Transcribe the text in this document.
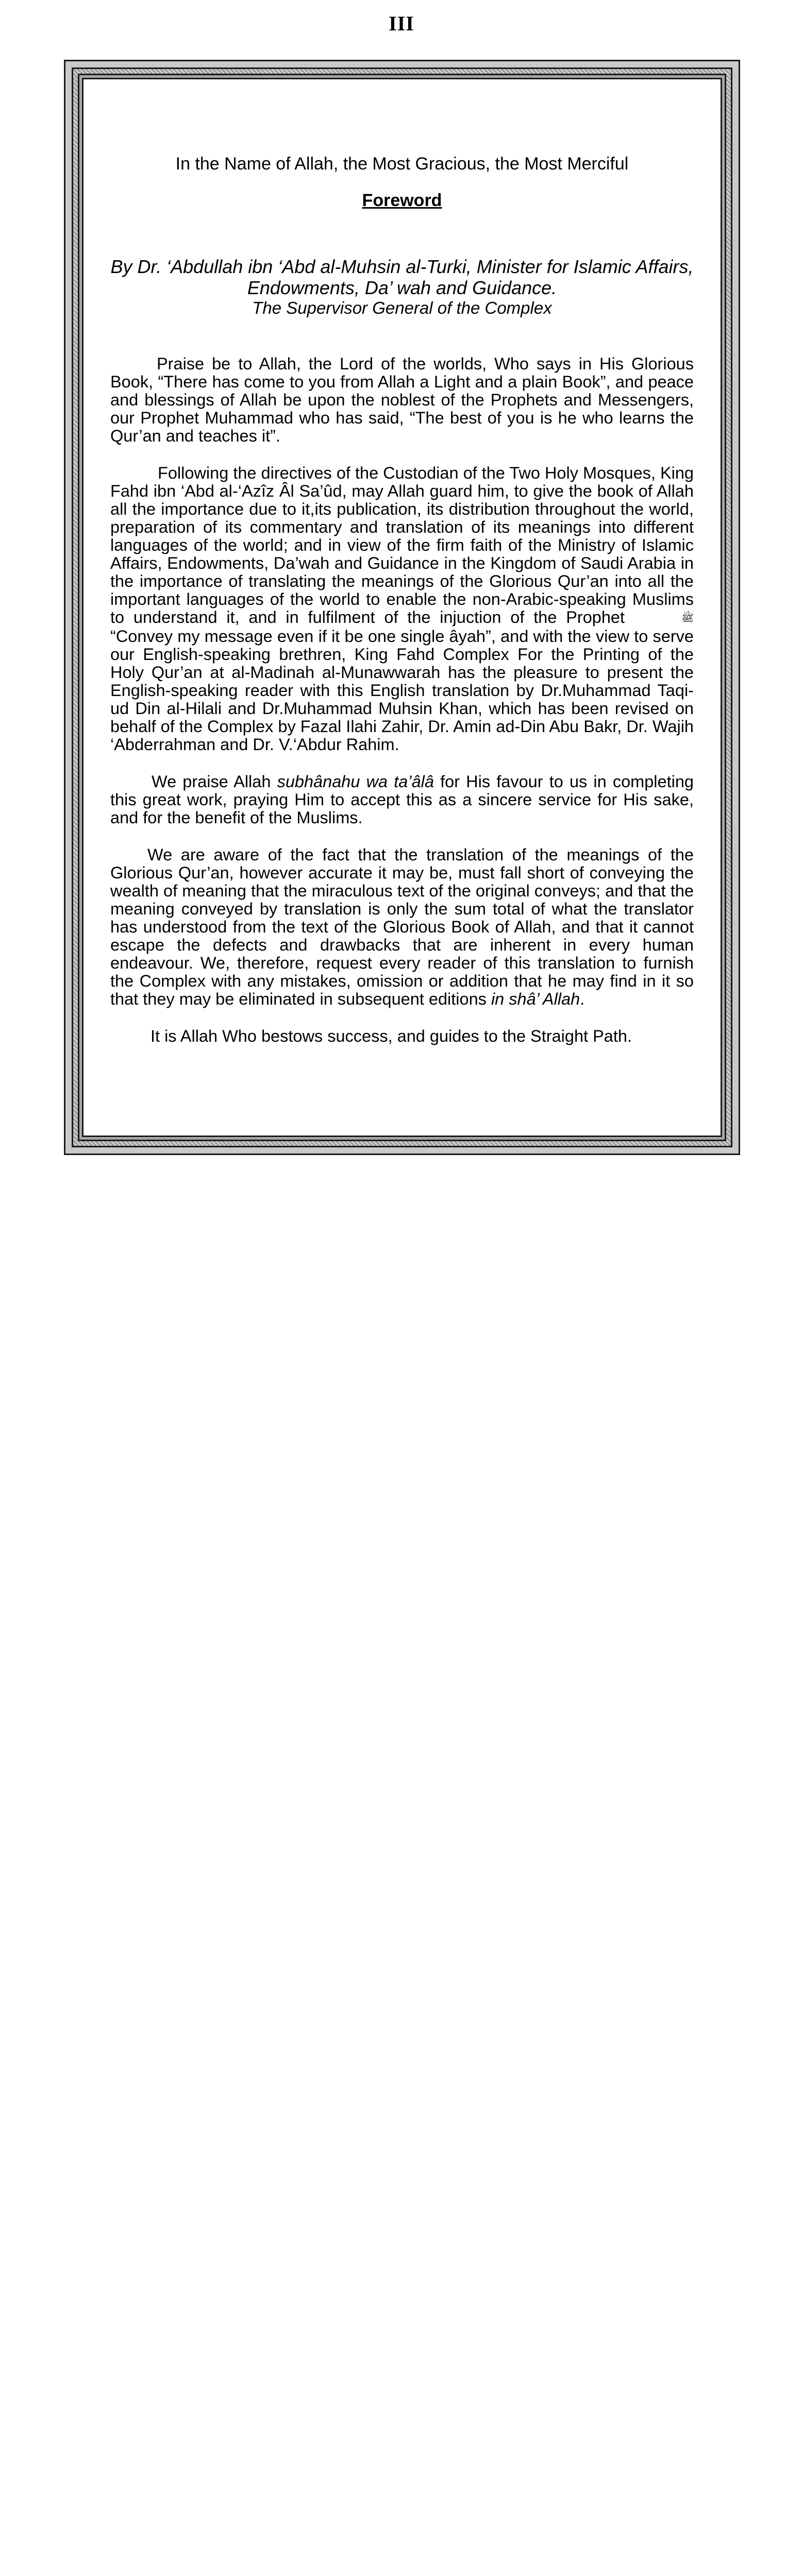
III
In the Name of Allah, the Most Gracious, the Most Merciful
Foreword
By Dr. ‘Abdullah ibn ‘Abd al-Muhsin al-Turki, Minister for Islamic Affairs,
Endowments, Da’ wah and Guidance.
The Supervisor General of the Complex

Praise be to Allah, the Lord of the worlds, Who says in His Glorious Book, “There has come to you from Allah a Light and a plain Book”, and peace and blessings of Allah be upon the noblest of the Prophets and Messengers, our Prophet Muhammad who has said, “The best of you is he who learns the Qur’an and teaches it”.

Following the directives of the Custodian of the Two Holy Mosques, King Fahd ibn ‘Abd al-‘Azîz Âl Sa’ûd, may Allah guard him, to give the book of Allah all the importance due to it,its publication, its distribution throughout the world, preparation of its commentary and translation of its meanings into different languages of the world; and in view of the firm faith of the Ministry of Islamic Affairs, Endowments, Da’wah and Guidance in the Kingdom of Saudi Arabia in the importance of translating the meanings of the Glorious Qur’an into all the important languages of the world to enable the non-Arabic-speaking Muslims to understand it, and in fulfilment of the injuction of the Prophet	ﷺ “Convey my message even if it be one single âyah”, and with the view to serve our English-speaking brethren, King Fahd Complex For the Printing of the Holy Qur’an at al-Madinah al-Munawwarah has the pleasure to present the English-speaking reader with this English translation by Dr.Muhammad Taqi-ud Din al-Hilali and Dr.Muhammad Muhsin Khan, which has been revised on behalf of the Complex by Fazal Ilahi Zahir, Dr. Amin ad-Din Abu Bakr, Dr. Wajih ‘Abderrahman and Dr. V.‘Abdur Rahim.

We praise Allah subhânahu wa ta’âlâ for His favour to us in completing this great work, praying Him to accept this as a sincere service for His sake, and for the benefit of the Muslims.

We are aware of the fact that the translation of the meanings of the Glorious Qur’an, however accurate it may be, must fall short of conveying the wealth of meaning that the miraculous text of the original conveys; and that the meaning conveyed by translation is only the sum total of what the translator has understood from the text of the Glorious Book of Allah, and that it cannot escape the defects and drawbacks that are inherent in every human endeavour. We, therefore, request every reader of this translation to furnish the Complex with any mistakes, omission or addition that he may find in it so that they may be eliminated in subsequent editions in shâ’ Allah.

It is Allah Who bestows success, and guides to the Straight Path.
